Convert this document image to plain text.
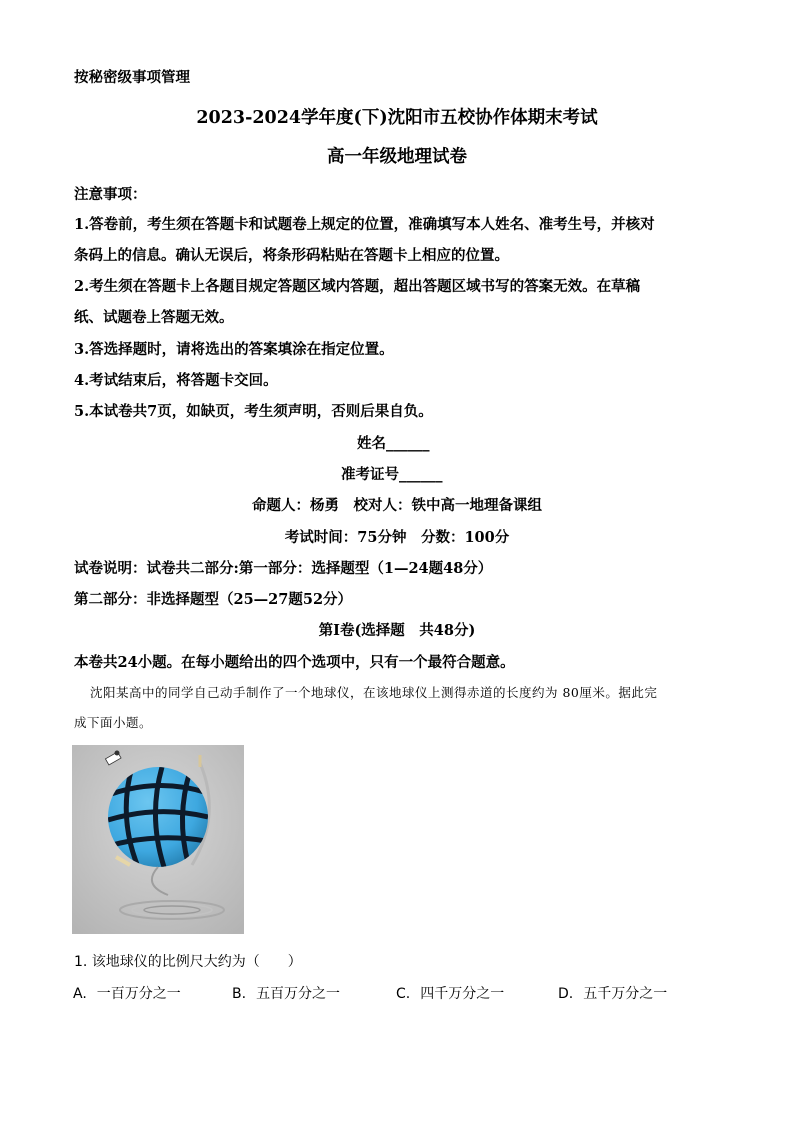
按秘密级事项管理
2023-2024学年度(下)沈阳市五校协作体期末考试
高一年级地理试卷
注意事项：
1.答卷前，考生须在答题卡和试题卷上规定的位置，准确填写本人姓名、准考生号，并核对
条码上的信息。确认无误后，将条形码粘贴在答题卡上相应的位置。
2.考生须在答题卡上各题目规定答题区域内答题，超出答题区域书写的答案无效。在草稿
纸、试题卷上答题无效。
3.答选择题时，请将选出的答案填涂在指定位置。
4.考试结束后，将答题卡交回。
5.本试卷共7页，如缺页，考生须声明，否则后果自负。
姓名______
准考证号______
命题人：杨勇　校对人：铁中高一地理备课组
考试时间：75分钟　分数：100分
试卷说明：试卷共二部分:第一部分：选择题型（1—24题48分）
第二部分：非选择题型（25—27题52分）
第Ⅰ卷(选择题　共48分)
本卷共24小题。在每小题给出的四个选项中，只有一个最符合题意。
沈阳某高中的同学自己动手制作了一个地球仪，在该地球仪上测得赤道的长度约为 80厘米。据此完
成下面小题。
1. 该地球仪的比例尺大约为（　　）
A. 一百万分之一	B. 五百万分之一	C. 四千万分之一	D. 五千万分之一
